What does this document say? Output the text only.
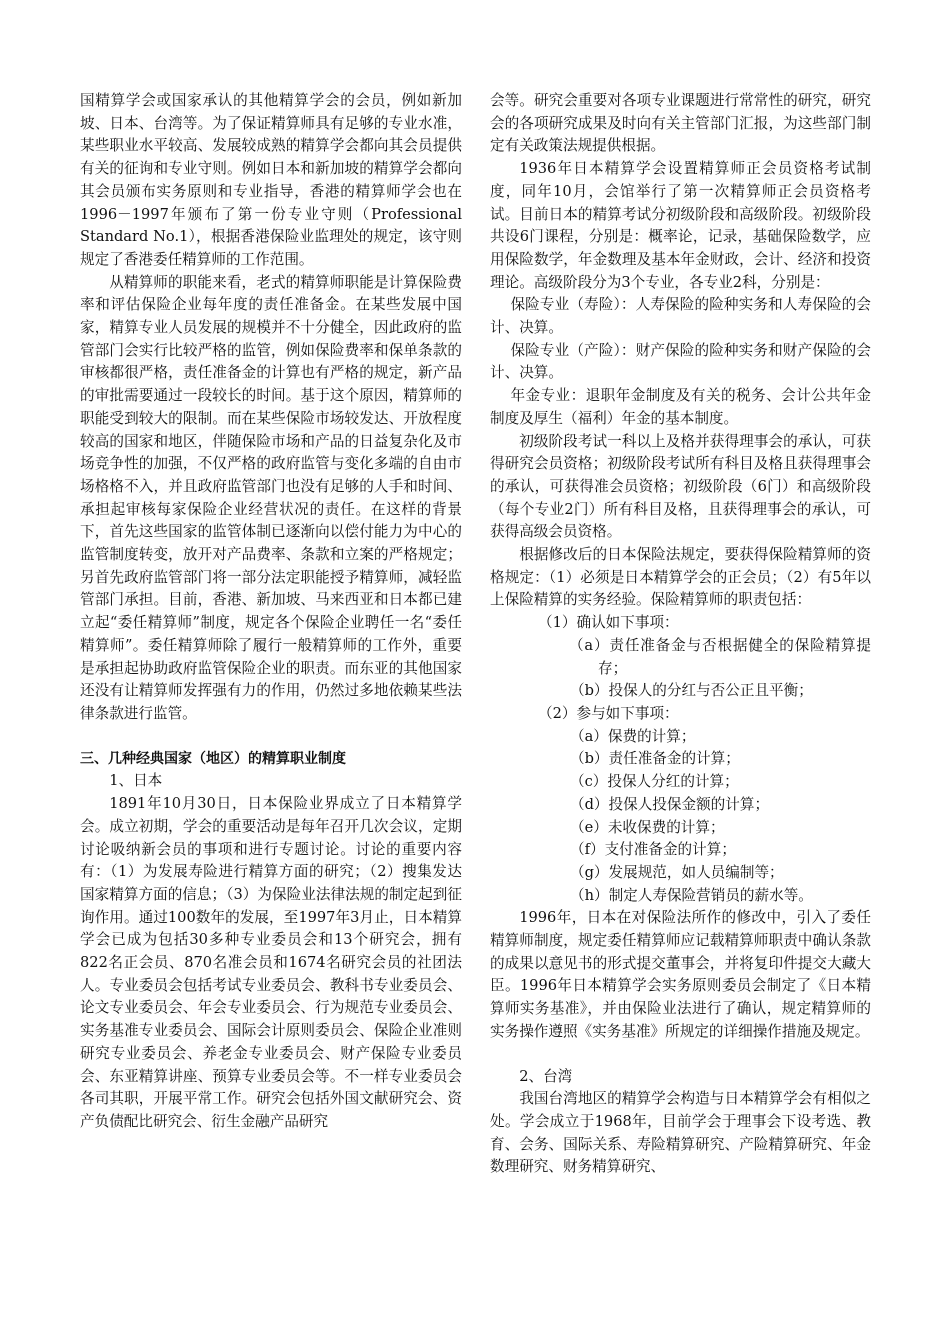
国精算学会或国家承认的其他精算学会的会员，例如新加坡、日本、台湾等。为了保证精算师具有足够的专业水准，某些职业水平较高、发展较成熟的精算学会都向其会员提供有关的征询和专业守则。例如日本和新加坡的精算学会都向其会员颁布实务原则和专业指导，香港的精算师学会也在1996－1997年颁布了第一份专业守则（Professional Standard No.1），根据香港保险业监理处的规定，该守则规定了香港委任精算师的工作范围。

从精算师的职能来看，老式的精算师职能是计算保险费率和评估保险企业每年度的责任准备金。在某些发展中国家，精算专业人员发展的规模并不十分健全，因此政府的监管部门会实行比较严格的监管，例如保险费率和保单条款的审核都很严格，责任准备金的计算也有严格的规定，新产品的审批需要通过一段较长的时间。基于这个原因，精算师的职能受到较大的限制。而在某些保险市场较发达、开放程度较高的国家和地区，伴随保险市场和产品的日益复杂化及市场竞争性的加强，不仅严格的政府监管与变化多端的自由市场格格不入，并且政府监管部门也没有足够的人手和时间、承担起审核每家保险企业经营状况的责任。在这样的背景下，首先这些国家的监管体制已逐渐向以偿付能力为中心的监管制度转变，放开对产品费率、条款和立案的严格规定；另首先政府监管部门将一部分法定职能授予精算师，减轻监管部门承担。目前，香港、新加坡、马来西亚和日本都已建立起“委任精算师”制度，规定各个保险企业聘任一名“委任精算师”。委任精算师除了履行一般精算师的工作外，重要是承担起协助政府监管保险企业的职责。而东亚的其他国家还没有让精算师发挥强有力的作用，仍然过多地依赖某些法律条款进行监管。

三、几种经典国家（地区）的精算职业制度

1、日本

1891年10月30日，日本保险业界成立了日本精算学会。成立初期，学会的重要活动是每年召开几次会议，定期讨论吸纳新会员的事项和进行专题讨论。讨论的重要内容有：（1）为发展寿险进行精算方面的研究；（2）搜集发达国家精算方面的信息；（3）为保险业法律法规的制定起到征询作用。通过100数年的发展，至1997年3月止，日本精算学会已成为包括30多种专业委员会和13个研究会，拥有822名正会员、870名准会员和1674名研究会员的社团法人。专业委员会包括考试专业委员会、教科书专业委员会、论文专业委员会、年会专业委员会、行为规范专业委员会、实务基准专业委员会、国际会计原则委员会、保险企业准则研究专业委员会、养老金专业委员会、财产保险专业委员会、东亚精算讲座、预算专业委员会等。不一样专业委员会各司其职，开展平常工作。研究会包括外国文献研究会、资产负债配比研究会、衍生金融产品研究

会等。研究会重要对各项专业课题进行常常性的研究，研究会的各项研究成果及时向有关主管部门汇报，为这些部门制定有关政策法规提供根据。

1936年日本精算学会设置精算师正会员资格考试制度，同年10月，会馆举行了第一次精算师正会员资格考试。目前日本的精算考试分初级阶段和高级阶段。初级阶段共设6门课程，分别是：概率论，记录，基础保险数学，应用保险数学，年金数理及基本年金财政，会计、经济和投资理论。高级阶段分为3个专业，各专业2科，分别是：

保险专业（寿险）：人寿保险的险种实务和人寿保险的会计、决算。

保险专业（产险）：财产保险的险种实务和财产保险的会计、决算。

年金专业：退职年金制度及有关的税务、会计公共年金制度及厚生（福利）年金的基本制度。

初级阶段考试一科以上及格并获得理事会的承认，可获得研究会员资格；初级阶段考试所有科目及格且获得理事会的承认，可获得准会员资格；初级阶段（6门）和高级阶段（每个专业2门）所有科目及格，且获得理事会的承认，可获得高级会员资格。

根据修改后的日本保险法规定，要获得保险精算师的资格规定：（1）必须是日本精算学会的正会员；（2）有5年以上保险精算的实务经验。保险精算师的职责包括：

（1）确认如下事项：

（a）责任准备金与否根据健全的保险精算提存；

（b）投保人的分红与否公正且平衡；

（2）参与如下事项：

（a）保费的计算；

（b）责任准备金的计算；

（c）投保人分红的计算；

（d）投保人投保金额的计算；

（e）未收保费的计算；

（f）支付准备金的计算；

（g）发展规范，如人员编制等；

（h）制定人寿保险营销员的薪水等。

1996年，日本在对保险法所作的修改中，引入了委任精算师制度，规定委任精算师应记载精算师职责中确认条款的成果以意见书的形式提交董事会，并将复印件提交大藏大臣。1996年日本精算学会实务原则委员会制定了《日本精算师实务基准》，并由保险业法进行了确认，规定精算师的实务操作遵照《实务基准》所规定的详细操作措施及规定。

2、台湾

我国台湾地区的精算学会构造与日本精算学会有相似之处。学会成立于1968年，目前学会于理事会下设考选、教育、会务、国际关系、寿险精算研究、产险精算研究、年金数理研究、财务精算研究、
